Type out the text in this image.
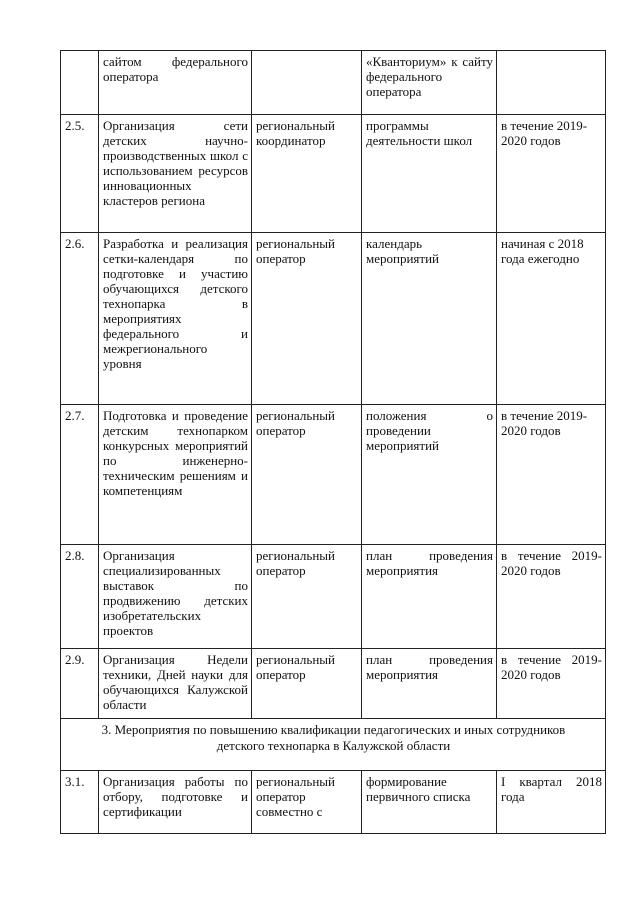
	сайтом федерального оператора		«Кванториум» к сайту федерального оператора	
2.5.	Организация сети детских научно-производственных школ с использованием ресурсов инновационных кластеров региона	региональный координатор	программы деятельности школ	в течение 2019-2020 годов
2.6.	Разработка и реализация сетки-календаря по подготовке и участию обучающихся детского технопарка в мероприятиях федерального и межрегионального уровня	региональный оператор	календарь мероприятий	начиная с 2018 года ежегодно
2.7.	Подготовка и проведение детским технопарком конкурсных мероприятий по инженерно-техническим решениям и компетенциям	региональный оператор	положения о проведении мероприятий	в течение 2019-2020 годов
2.8.	Организация специализированных выставок по продвижению детских изобретательских проектов	региональный оператор	план проведения мероприятия	в течение 2019-2020 годов
2.9.	Организация Недели техники, Дней науки для обучающихся Калужской области	региональный оператор	план проведения мероприятия	в течение 2019-2020 годов

3. Мероприятия по повышению квалификации педагогических и иных сотрудников
детского технопарка в Калужской области				

3.1.	Организация работы по отбору, подготовке и сертификации	региональный оператор совместно с	формирование первичного списка	I квартал 2018 года
